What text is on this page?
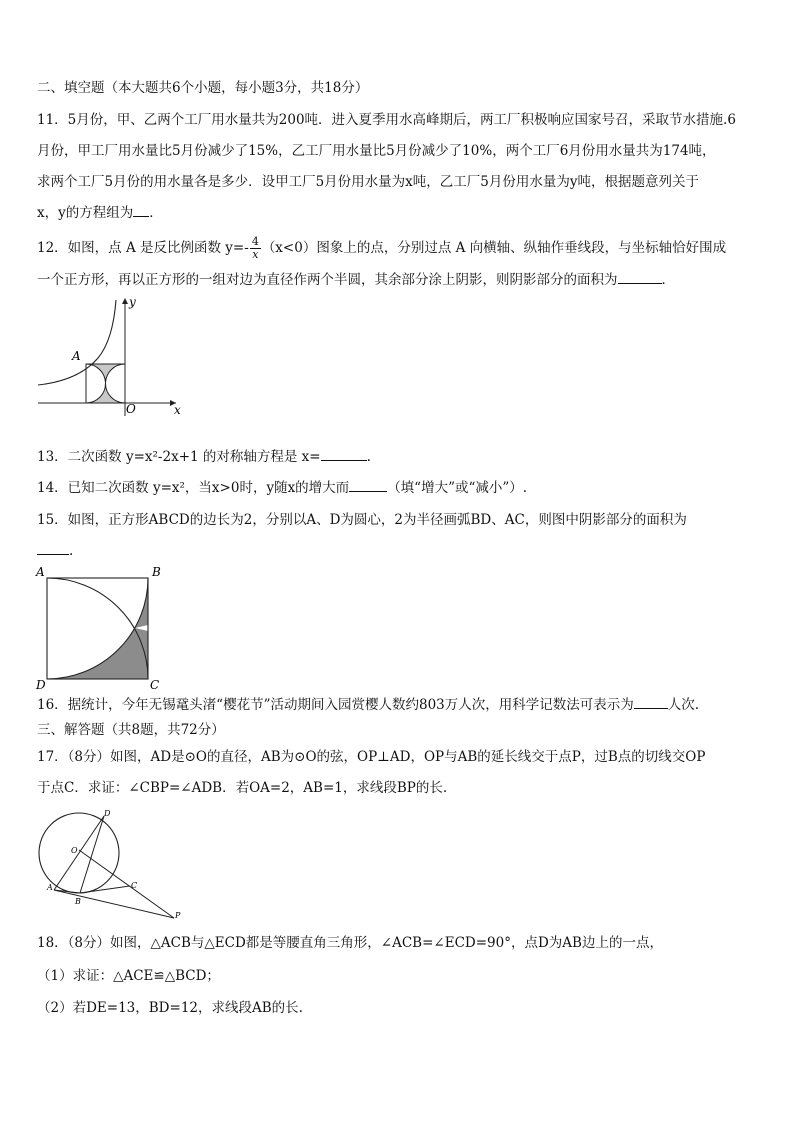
二、填空题（本大题共6个小题，每小题3分，共18分）
11．5月份，甲、乙两个工厂用水量共为200吨．进入夏季用水高峰期后，两工厂积极响应国家号召，采取节水措施.6
月份，甲工厂用水量比5月份减少了15%，乙工厂用水量比5月份减少了10%，两个工厂6月份用水量共为174吨，
求两个工厂5月份的用水量各是多少．设甲工厂5月份用水量为x吨，乙工厂5月份用水量为y吨，根据题意列关于
x，y的方程组为 ．
12．如图，点 A 是反比例函数 $y=- \frac{4}{x} (x<0)$图象上的点，分别过点 A 向横轴、纵轴作垂线段，与坐标轴恰好围成
一个正方形，再以正方形的一组对边为直径作两个半圆，其余部分涂上阴影，则阴影部分的面积为	．
y
x
A
O
13．二次函数 y=x²-2x+1 的对称轴方程是 x=	.
14．已知二次函数 y=x²，当x>0时，y随x的增大而	（填“增大”或“减小”）.
15．如图，正方形ABCD的边长为2，分别以A、D为圆心，2为半径画弧BD、AC，则图中阴影部分的面积为
.
A	B
C
D
16．据统计，今年无锡鼋头渚“樱花节”活动期间入园赏樱人数约803万人次，用科学记数法可表示为	人次.
三、解答题（共8题，共72分）
17．（8分）如图，AD是⊙O的直径，AB为⊙O的弦，OP⊥AD，OP与AB的延长线交于点P，过B点的切线交OP
于点C．求证：∠CBP=∠ADB．若OA=2，AB=1，求线段BP的长.
D
O
A
B
C
P
18．（8分）如图，△ACB与△ECD都是等腰直角三角形，∠ACB=∠ECD=90°，点D为AB边上的一点，
（1）求证：△ACE≌△BCD；
（2）若DE=13，BD=12，求线段AB的长.
